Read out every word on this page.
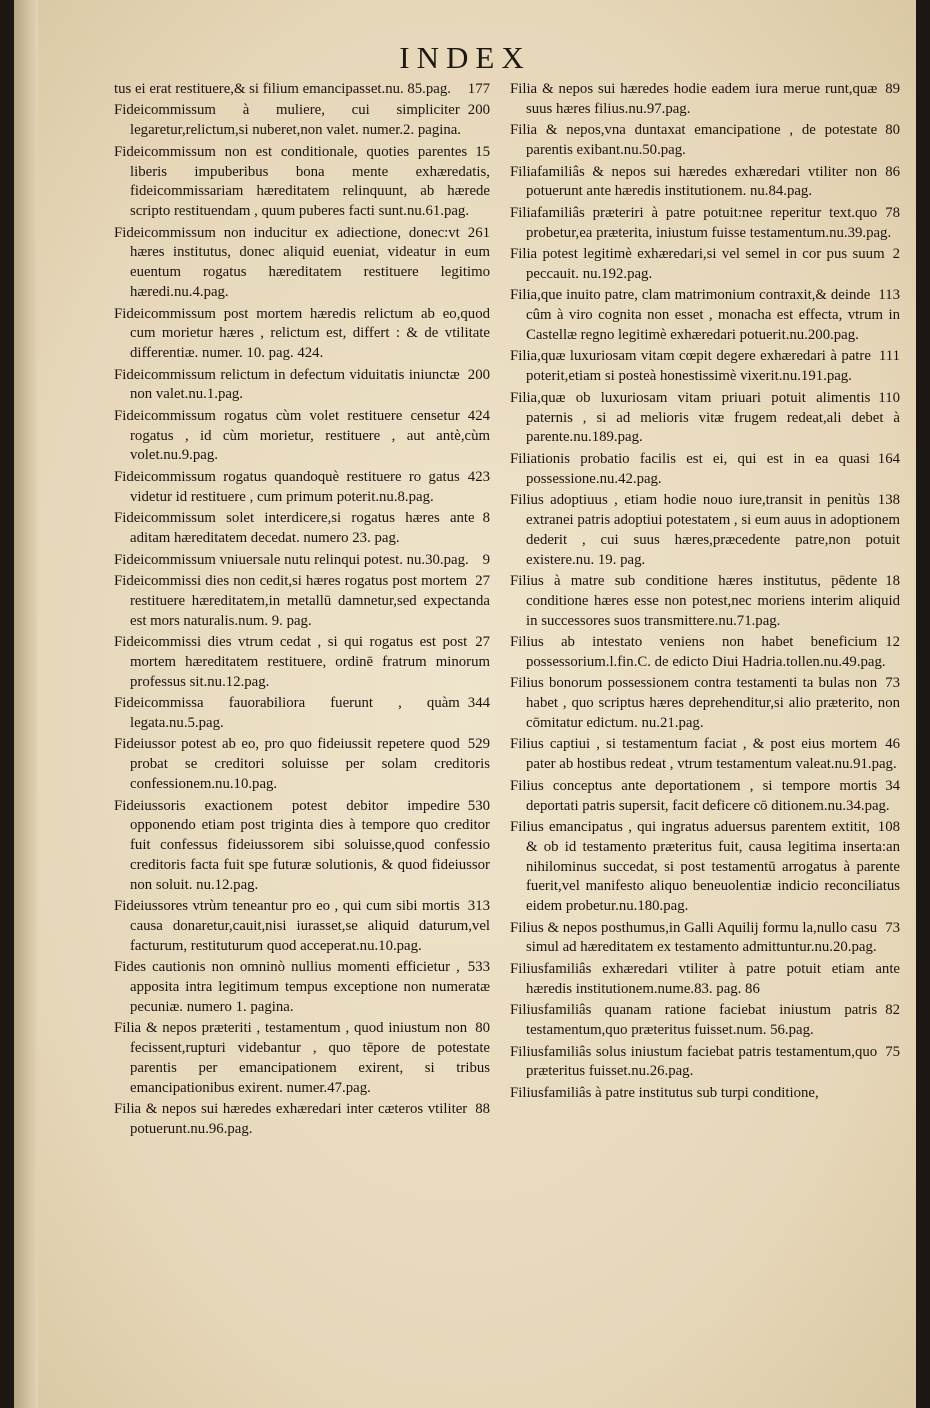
INDEX
177
tus ei erat restituere,& si filium emancipasset.nu. 85.pag.
200
Fideicommissum à muliere, cui simpliciter legaretur,relictum,si nuberet,non valet. numer.2. pagina.
15
Fideicommissum non est conditionale, quoties parentes liberis impuberibus bona mente exhæredatis, fideicommissariam hæreditatem relinquunt, ab hærede scripto restituendam , quum puberes facti sunt.nu.61.pag.
261
Fideicommissum non inducitur ex adiectione, donec:vt hæres institutus, donec aliquid eueniat, videatur in eum euentum rogatus hæreditatem restituere legitimo hæredi.nu.4.pag.
Fideicommissum post mortem hæredis relictum ab eo,quod cum morietur hæres , relictum est, differt : & de vtilitate differentiæ. numer. 10. pag. 424.
200
Fideicommissum relictum in defectum viduitatis iniunctæ non valet.nu.1.pag.
424
Fideicommissum rogatus cùm volet restituere censetur rogatus , id cùm morietur, restituere , aut antè,cùm volet.nu.9.pag.
423
Fideicommissum rogatus quandoquè restituere ro gatus videtur id restituere , cum primum poterit.nu.8.pag.
8
Fideicommissum solet interdicere,si rogatus hæres ante aditam hæreditatem decedat. numero 23. pag.
9
Fideicommissum vniuersale nutu relinqui potest. nu.30.pag.
27
Fideicommissi dies non cedit,si hæres rogatus post mortem restituere hæreditatem,in metallū damnetur,sed expectanda est mors naturalis.num. 9. pag.
27
Fideicommissi dies vtrum cedat , si qui rogatus est post mortem hæreditatem restituere, ordinē fratrum minorum professus sit.nu.12.pag.
344
Fideicommissa fauorabiliora fuerunt , quàm legata.nu.5.pag.
529
Fideiussor potest ab eo, pro quo fideiussit repetere quod probat se creditori soluisse per solam creditoris confessionem.nu.10.pag.
530
Fideiussoris exactionem potest debitor impedire opponendo etiam post triginta dies à tempore quo creditor fuit confessus fideiussorem sibi soluisse,quod confessio creditoris facta fuit spe futuræ solutionis, & quod fideiussor non soluit. nu.12.pag.
313
Fideiussores vtrùm teneantur pro eo , qui cum sibi mortis causa donaretur,cauit,nisi iurasset,se aliquid daturum,vel facturum, restituturum quod acceperat.nu.10.pag.
533
Fides cautionis non omninò nullius momenti efficietur , apposita intra legitimum tempus exceptione non numeratæ pecuniæ. numero 1. pagina.
80
Filia & nepos præteriti , testamentum , quod iniustum non fecissent,rupturi videbantur , quo tēpore de potestate parentis per emancipationem exirent, si tribus emancipationibus exirent. numer.47.pag.
88
Filia & nepos sui hæredes exhæredari inter cæteros vtiliter potuerunt.nu.96.pag.
89
Filia & nepos sui hæredes hodie eadem iura merue runt,quæ suus hæres filius.nu.97.pag.
80
Filia & nepos,vna duntaxat emancipatione , de potestate parentis exibant.nu.50.pag.
86
Filiafamiliâs & nepos sui hæredes exhæredari vtiliter non potuerunt ante hæredis institutionem. nu.84.pag.
78
Filiafamiliâs præteriri à patre potuit:nee reperitur text.quo probetur,ea præterita, iniustum fuisse testamentum.nu.39.pag.
2
Filia potest legitimè exhæredari,si vel semel in cor pus suum peccauit. nu.192.pag.
113
Filia,que inuito patre, clam matrimonium contraxit,& deinde cûm à viro cognita non esset , monacha est effecta, vtrum in Castellæ regno legitimè exhæredari potuerit.nu.200.pag.
111
Filia,quæ luxuriosam vitam cœpit degere exhæredari à patre poterit,etiam si posteà honestissimè vixerit.nu.191.pag.
110
Filia,quæ ob luxuriosam vitam priuari potuit alimentis paternis , si ad melioris vitæ frugem redeat,ali debet à parente.nu.189.pag.
164
Filiationis probatio facilis est ei, qui est in ea quasi possessione.nu.42.pag.
138
Filius adoptiuus , etiam hodie nouo iure,transit in penitùs extranei patris adoptiui potestatem , si eum auus in adoptionem dederit , cui suus hæres,præcedente patre,non potuit existere.nu. 19. pag.
18
Filius à matre sub conditione hæres institutus, pēdente conditione hæres esse non potest,nec moriens interim aliquid in successores suos transmittere.nu.71.pag.
12
Filius ab intestato veniens non habet beneficium possessorium.l.fin.C. de edicto Diui Hadria.tollen.nu.49.pag.
73
Filius bonorum possessionem contra testamenti ta bulas non habet , quo scriptus hæres deprehenditur,si alio præterito, non cōmitatur edictum. nu.21.pag.
46
Filius captiui , si testamentum faciat , & post eius mortem pater ab hostibus redeat , vtrum testamentum valeat.nu.91.pag.
34
Filius conceptus ante deportationem , si tempore mortis deportati patris supersit, facit deficere cō ditionem.nu.34.pag.
108
Filius emancipatus , qui ingratus aduersus parentem extitit, & ob id testamento præteritus fuit, causa legitima inserta:an nihilominus succedat, si post testamentū arrogatus à parente fuerit,vel manifesto aliquo beneuolentiæ indicio reconciliatus eidem probetur.nu.180.pag.
73
Filius & nepos posthumus,in Galli Aquilij formu la,nullo casu simul ad hæreditatem ex testamento admittuntur.nu.20.pag.
Filiusfamiliâs exhæredari vtiliter à patre potuit etiam ante hæredis institutionem.nume.83. pag. 86
82
Filiusfamiliâs quanam ratione faciebat iniustum patris testamentum,quo præteritus fuisset.num. 56.pag.
75
Filiusfamiliâs solus iniustum faciebat patris testamentum,quo præteritus fuisset.nu.26.pag.
Filiusfamiliâs à patre institutus sub turpi conditione,
